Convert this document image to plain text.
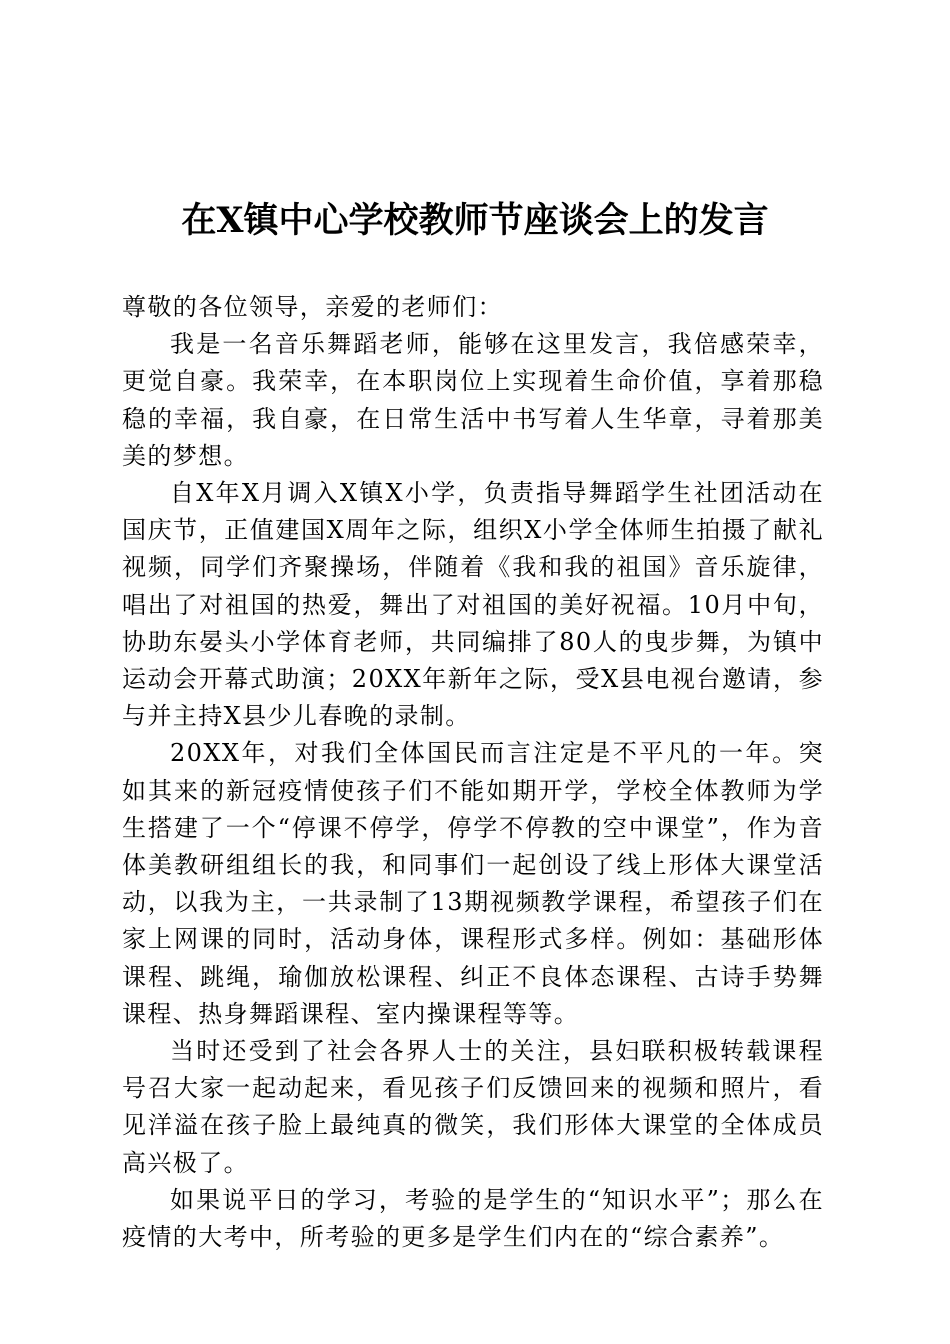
在X镇中心学校教师节座谈会上的发言

尊敬的各位领导，亲爱的老师们：

我是一名音乐舞蹈老师，能够在这里发言，我倍感荣幸，更觉自豪。我荣幸，在本职岗位上实现着生命价值，享着那稳稳的幸福，我自豪，在日常生活中书写着人生华章，寻着那美美的梦想。

自X年X月调入X镇X小学，负责指导舞蹈学生社团活动在国庆节，正值建国X周年之际，组织X小学全体师生拍摄了献礼视频，同学们齐聚操场，伴随着《我和我的祖国》音乐旋律，唱出了对祖国的热爱，舞出了对祖国的美好祝福。10月中旬，协助东晏头小学体育老师，共同编排了80人的曳步舞，为镇中运动会开幕式助演；20XX年新年之际，受X县电视台邀请，参与并主持X县少儿春晚的录制。

20XX年，对我们全体国民而言注定是不平凡的一年。突如其来的新冠疫情使孩子们不能如期开学，学校全体教师为学生搭建了一个“停课不停学，停学不停教的空中课堂”，作为音体美教研组组长的我，和同事们一起创设了线上形体大课堂活动，以我为主，一共录制了13期视频教学课程，希望孩子们在家上网课的同时，活动身体，课程形式多样。例如：基础形体课程、跳绳，瑜伽放松课程、纠正不良体态课程、古诗手势舞课程、热身舞蹈课程、室内操课程等等。

当时还受到了社会各界人士的关注，县妇联积极转载课程号召大家一起动起来，看见孩子们反馈回来的视频和照片，看见洋溢在孩子脸上最纯真的微笑，我们形体大课堂的全体成员高兴极了。

如果说平日的学习，考验的是学生的“知识水平”；那么在疫情的大考中，所考验的更多是学生们内在的“综合素养”。
